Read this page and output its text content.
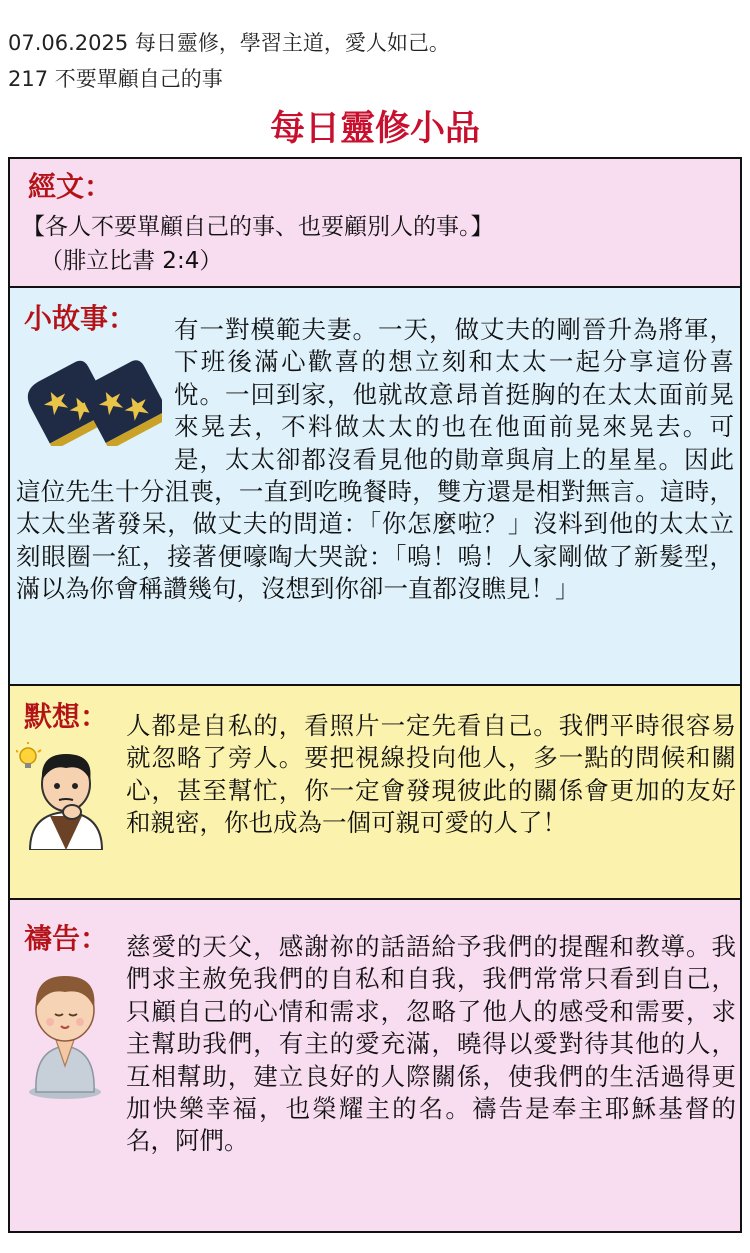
07.06.2025 每日靈修，學習主道，愛人如己。
217 不要單顧自己的事
每日靈修小品
經文：
【各人不要單顧自己的事、也要顧別人的事。】
（腓立比書 2:4）
有一對模範夫妻。一天，做丈夫的剛晉升為將軍，下班後滿心歡喜的想立刻和太太一起分享這份喜悅。一回到家，他就故意昂首挺胸的在太太面前晃來晃去，不料做太太的也在他面前晃來晃去。可是，太太卻都沒看見他的勛章與肩上的星星。因此這位先生十分沮喪，一直到吃晚餐時，雙方還是相對無言。這時，太太坐著發呆，做丈夫的問道：「你怎麼啦？」沒料到他的太太立刻眼圈一紅，接著便嚎啕大哭說：「嗚！嗚！人家剛做了新髮型，滿以為你會稱讚幾句，沒想到你卻一直都沒瞧見！」
小故事：
默想： 人都是自私的，看照片一定先看自己。我們平時很容易就忽略了旁人。要把視線投向他人，多一點的問候和關心，甚至幫忙，你一定會發現彼此的關係會更加的友好和親密，你也成為一個可親可愛的人了！
禱告： 慈愛的天父，感謝祢的話語給予我們的提醒和教導。我們求主赦免我們的自私和自我，我們常常只看到自己，只顧自己的心情和需求，忽略了他人的感受和需要，求主幫助我們，有主的愛充滿，曉得以愛對待其他的人，互相幫助，建立良好的人際關係，使我們的生活過得更加快樂幸福，也榮耀主的名。禱告是奉主耶穌基督的名，阿們。
